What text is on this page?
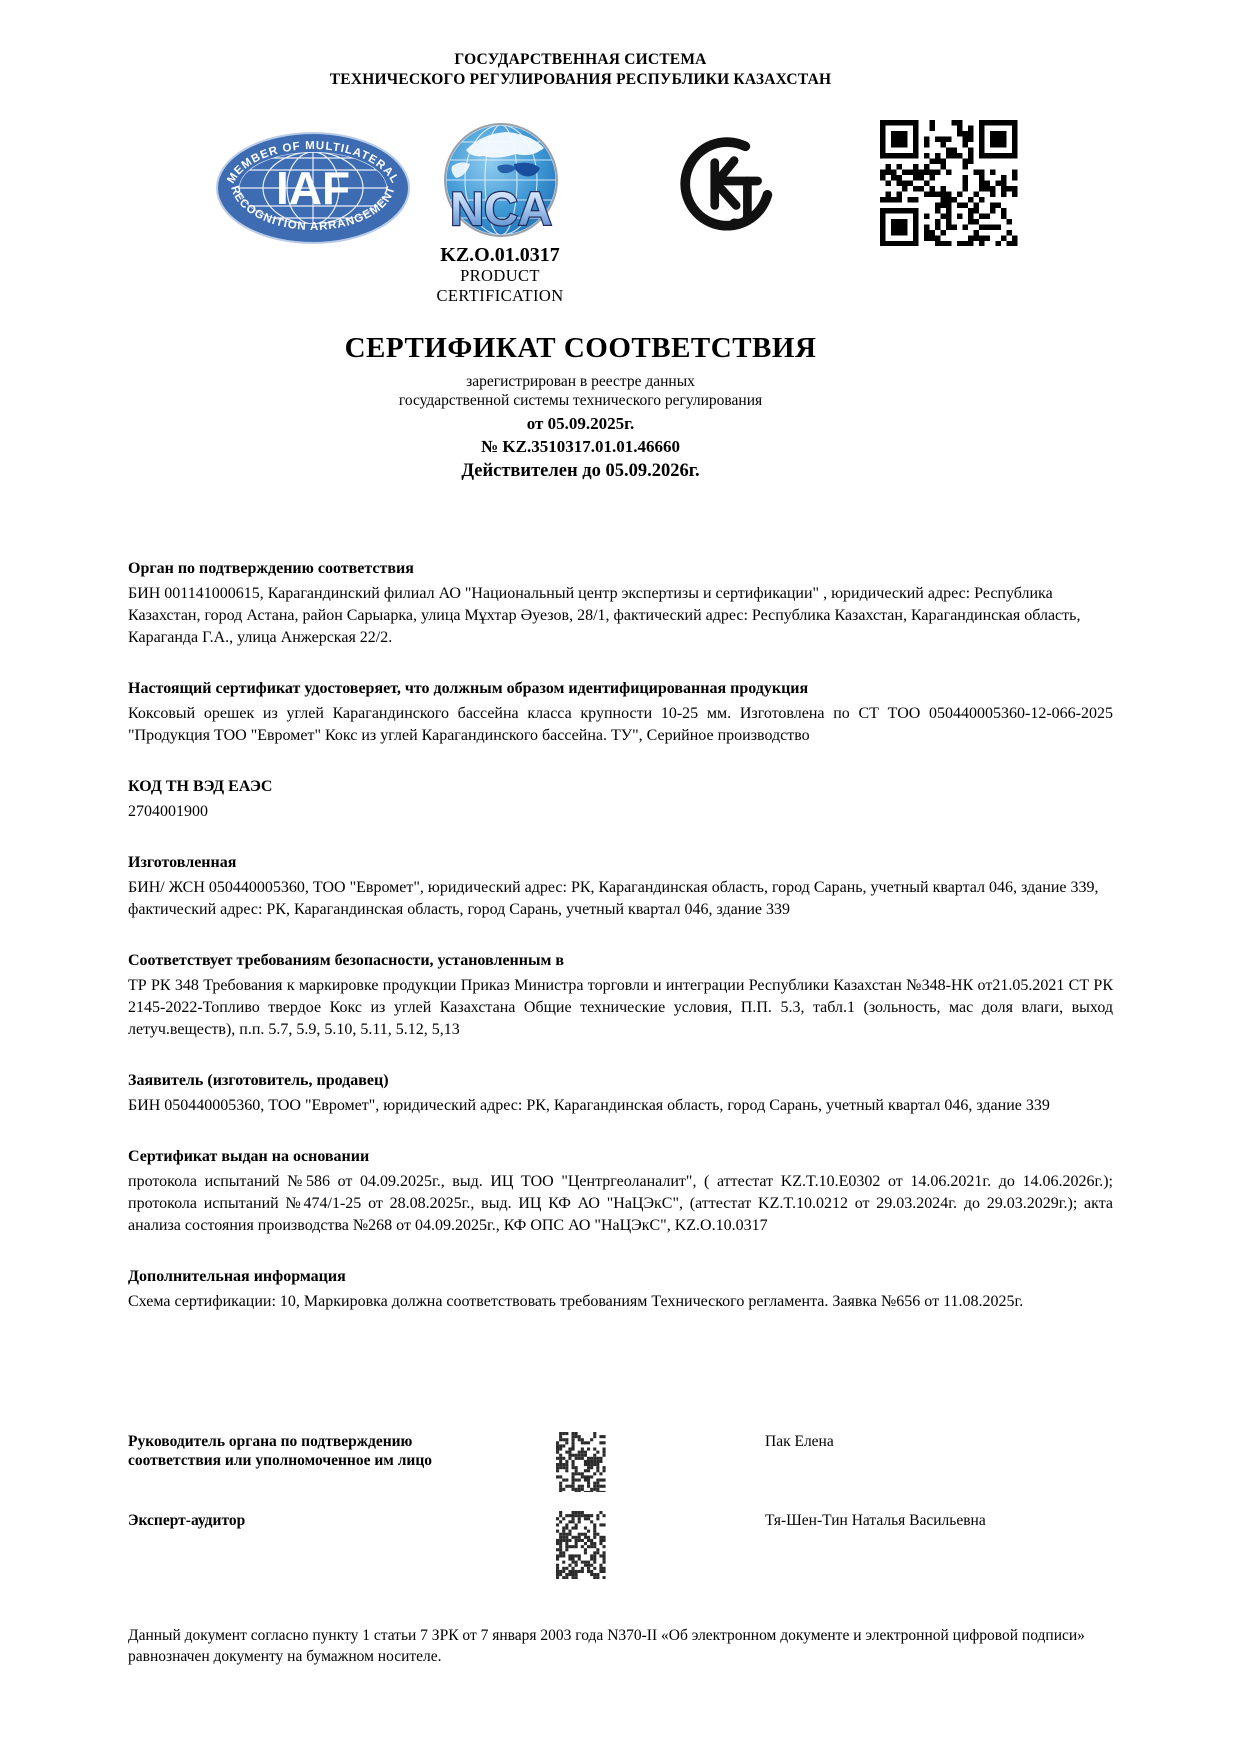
ГОСУДАРСТВЕННАЯ СИСТЕМА
ТЕХНИЧЕСКОГО РЕГУЛИРОВАНИЯ РЕСПУБЛИКИ КАЗАХСТАН
IAF
MEMBER OF MULTILATERAL
RECOGNITION ARRANGEMENT NCA
KZ.O.01.0317
PRODUCT
CERTIFICATION
СЕРТИФИКАТ СООТВЕТСТВИЯ
зарегистрирован в реестре данных
государственной системы технического регулирования
от 05.09.2025г.
№ KZ.3510317.01.01.46660
Действителен до 05.09.2026г.
Орган по подтверждению соответствия

БИН 001141000615, Карагандинский филиал АО "Национальный центр экспертизы и сертификации" , юридический адрес: Республика Казахстан, город Астана, район Сарыарка, улица Мұхтар Әуезов, 28/1, фактический адрес: Республика Казахстан, Карагандинская область, Караганда Г.А., улица Анжерская 22/2.

Настоящий сертификат удостоверяет, что должным образом идентифицированная продукция

Коксовый орешек из углей Карагандинского бассейна класса крупности 10-25 мм. Изготовлена по СТ ТОО 050440005360-12-066-2025 "Продукция ТОО "Евромет" Кокс из углей Карагандинского бассейна. ТУ", Серийное производство

КОД ТН ВЭД ЕАЭС

2704001900

Изготовленная

БИН/ ЖСН 050440005360, ТОО "Евромет", юридический адрес: РК, Карагандинская область, город Сарань, учетный квартал 046, здание 339, фактический адрес: РК, Карагандинская область, город Сарань, учетный квартал 046, здание 339

Соответствует требованиям безопасности, установленным в

ТР РК 348 Требования к маркировке продукции Приказ Министра торговли и интеграции Республики Казахстан №348-НК от21.05.2021 СТ РК 2145-2022-Топливо твердое Кокс из углей Казахстана Общие технические условия, П.П. 5.3, табл.1 (зольность, мас доля влаги, выход летуч.веществ), п.п. 5.7, 5.9, 5.10, 5.11, 5.12, 5,13

Заявитель (изготовитель, продавец)

БИН 050440005360, ТОО "Евромет", юридический адрес: РК, Карагандинская область, город Сарань, учетный квартал 046, здание 339

Сертификат выдан на основании

протокола испытаний №586 от 04.09.2025г., выд. ИЦ ТОО "Центргеоланалит", ( аттестат KZ.T.10.E0302 от 14.06.2021г. до 14.06.2026г.); протокола испытаний №474/1-25 от 28.08.2025г., выд. ИЦ КФ АО "НаЦЭкС", (аттестат KZ.T.10.0212 от 29.03.2024г. до 29.03.2029г.); акта анализа состояния производства №268 от 04.09.2025г., КФ ОПС АО "НаЦЭкС", KZ.O.10.0317

Дополнительная информация

Схема сертификации: 10, Маркировка должна соответствовать требованиям Технического регламента. Заявка №656 от 11.08.2025г.

Руководитель органа по подтверждению соответствия или уполномоченное им лицо
Пак Елена
Эксперт-аудитор	Тя-Шен-Тин Наталья Васильевна
Данный документ согласно пункту 1 статьи 7 ЗРК от 7 января 2003 года N370-II «Об электронном документе и электронной цифровой подписи» равнозначен документу на бумажном носителе.
